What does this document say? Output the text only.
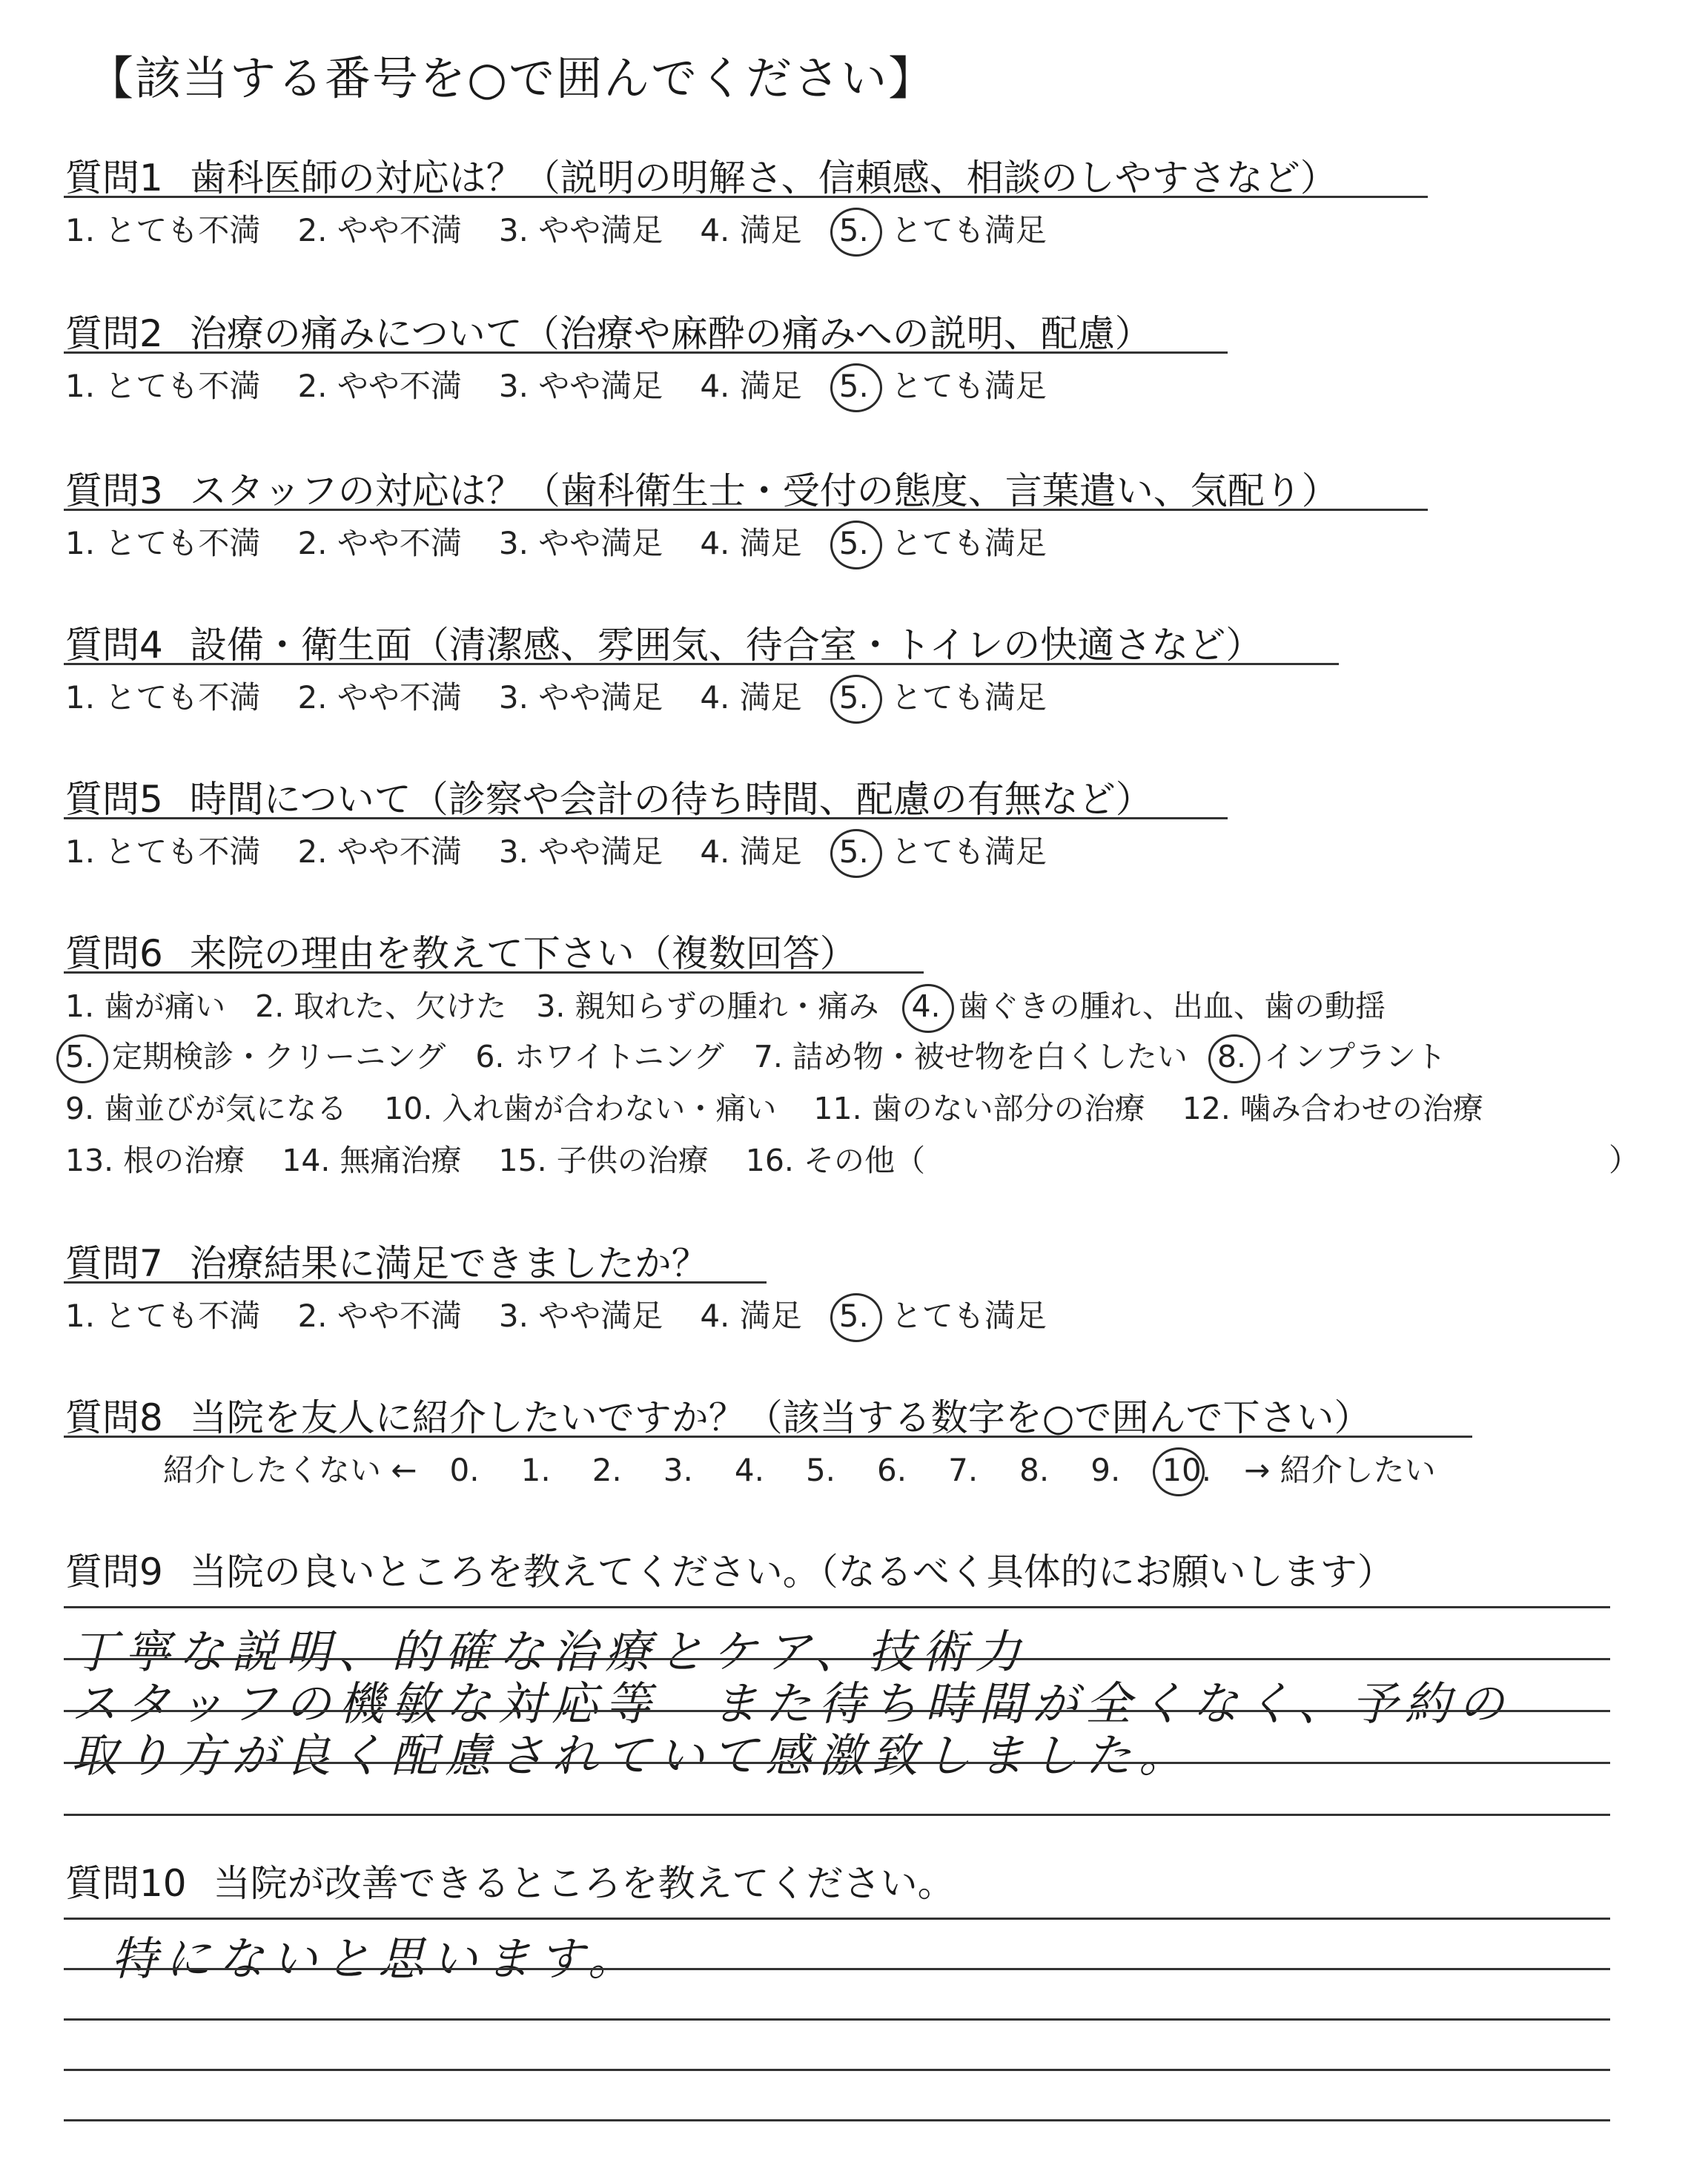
【該当する番号を○で囲んでください】
質問1 歯科医師の対応は？（説明の明解さ、信頼感、相談のしやすさなど）
1. とても不満 2. やや不満 3. やや満足 4. 満足 5. とても満足
質問2 治療の痛みについて（治療や麻酔の痛みへの説明、配慮）
1. とても不満 2. やや不満 3. やや満足 4. 満足 5. とても満足
質問3 スタッフの対応は？（歯科衛生士・受付の態度、言葉遣い、気配り）
1. とても不満 2. やや不満 3. やや満足 4. 満足 5. とても満足
質問4 設備・衛生面（清潔感、雰囲気、待合室・トイレの快適さなど）
1. とても不満 2. やや不満 3. やや満足 4. 満足 5. とても満足
質問5 時間について（診察や会計の待ち時間、配慮の有無など）
1. とても不満 2. やや不満 3. やや満足 4. 満足 5. とても満足
質問6 来院の理由を教えて下さい（複数回答）
1. 歯が痛い 2. 取れた、欠けた 3. 親知らずの腫れ・痛み 4. 歯ぐきの腫れ、出血、歯の動揺
5. 定期検診・クリーニング 6. ホワイトニング 7. 詰め物・被せ物を白くしたい 8. インプラント
9. 歯並びが気になる 10. 入れ歯が合わない・痛い 11. 歯のない部分の治療 12. 噛み合わせの治療
13. 根の治療 14. 無痛治療 15. 子供の治療 16. その他（	）
質問7 治療結果に満足できましたか？
1. とても不満 2. やや不満 3. やや満足 4. 満足 5. とても満足
質問8 当院を友人に紹介したいですか？（該当する数字を○で囲んで下さい）
紹介したくない ← 0. 1. 2. 3. 4. 5. 6. 7. 8. 9. 10. → 紹介したい
質問9 当院の良いところを教えてください。（なるべく具体的にお願いします）
丁寧な説明、的確な治療とケア、技術力
スタッフの機敏な対応等　また待ち時間が全くなく、予約の
取り方が良く配慮されていて感激致しました。
質問10 当院が改善できるところを教えてください。
特にないと思います。
